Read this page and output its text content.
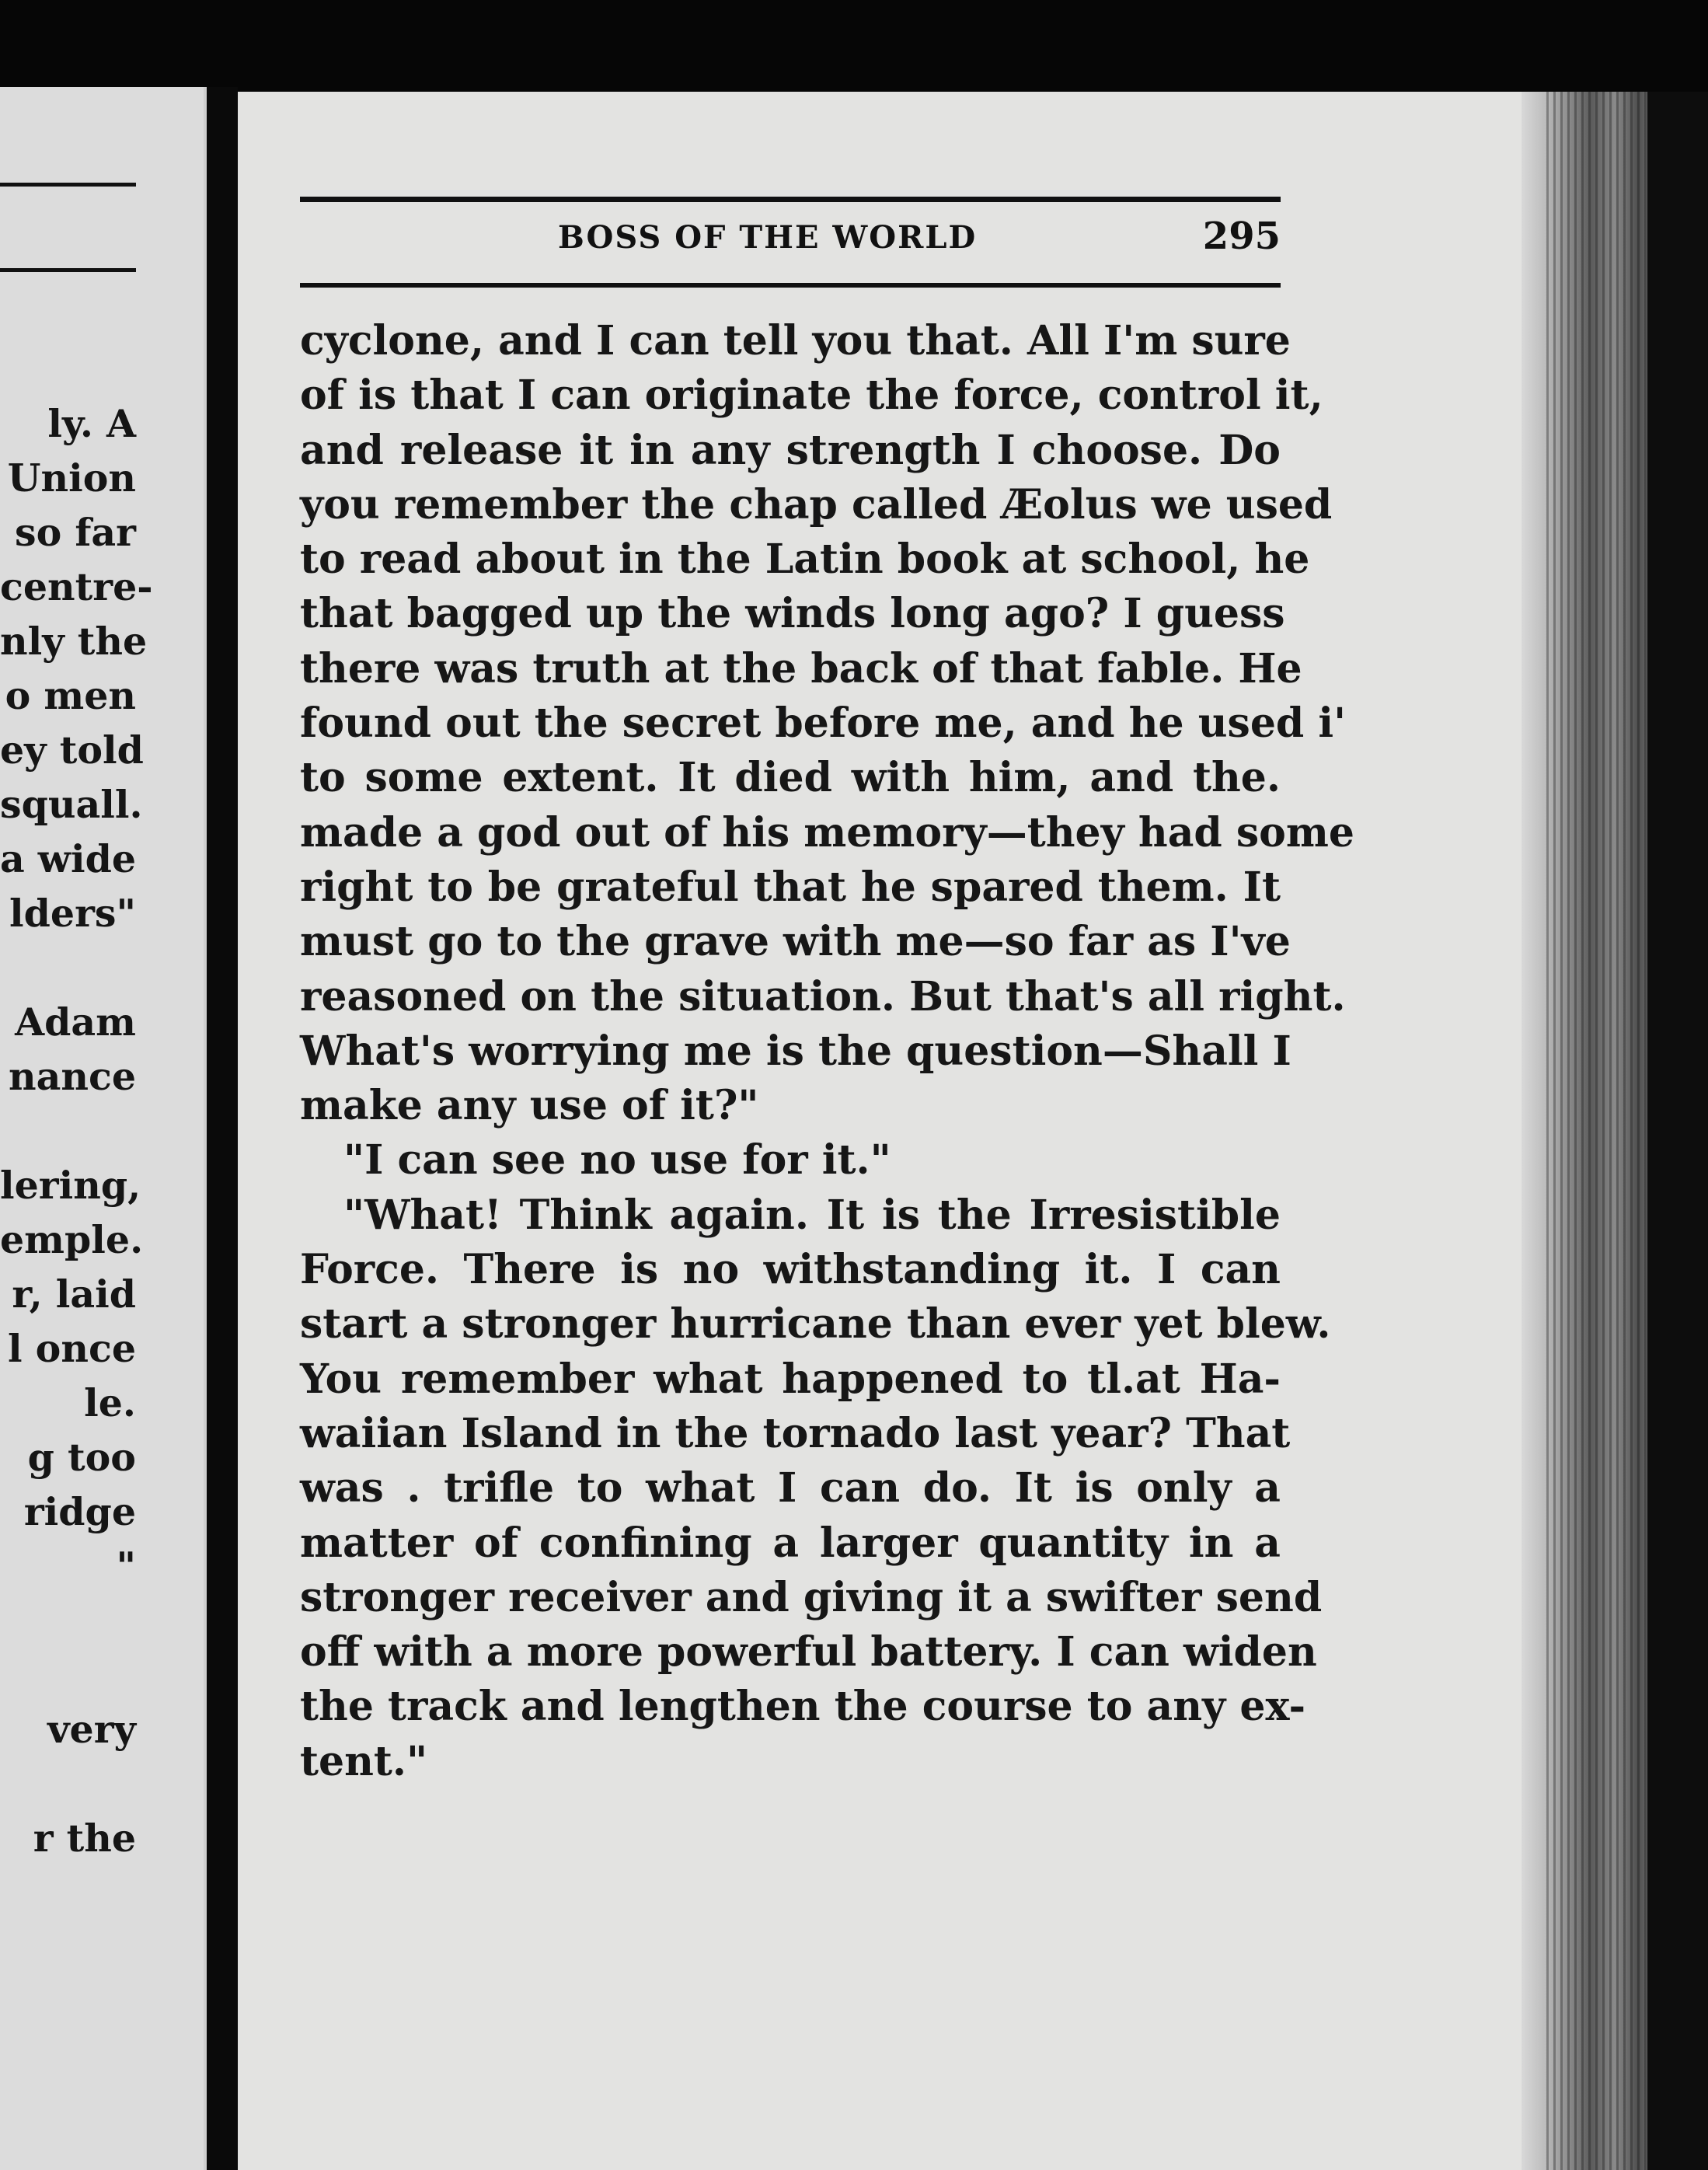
ly. A
Union
so far
centre-
nly the
o men
ey told
squall.
a wide
lders"
Adam
nance
lering,
emple.
r, laid
l once
le.
g too
ridge
"
very
r the
BOSS OF THE WORLD	295
cyclone, and I can tell you that. All I'm sure
of is that I can originate the force, control it,
and release it in any strength I choose. Do
you remember the chap called Æolus we used
to read about in the Latin book at school, he
that bagged up the winds long ago? I guess
there was truth at the back of that fable. He
found out the secret before me, and he used i'
to some extent. It died with him, and the.
made a god out of his memory—they had some
right to be grateful that he spared them. It
must go to the grave with me—so far as I've
reasoned on the situation. But that's all right.
What's worrying me is the question—Shall I
make any use of it?"
"I can see no use for it."
"What! Think again. It is the Irresistible
Force. There is no withstanding it. I can
start a stronger hurricane than ever yet blew.
You remember what happened to tl.at Ha-
waiian Island in the tornado last year? That
was . trifle to what I can do. It is only a
matter of confining a larger quantity in a
stronger receiver and giving it a swifter send
off with a more powerful battery. I can widen
the track and lengthen the course to any ex-
tent."
